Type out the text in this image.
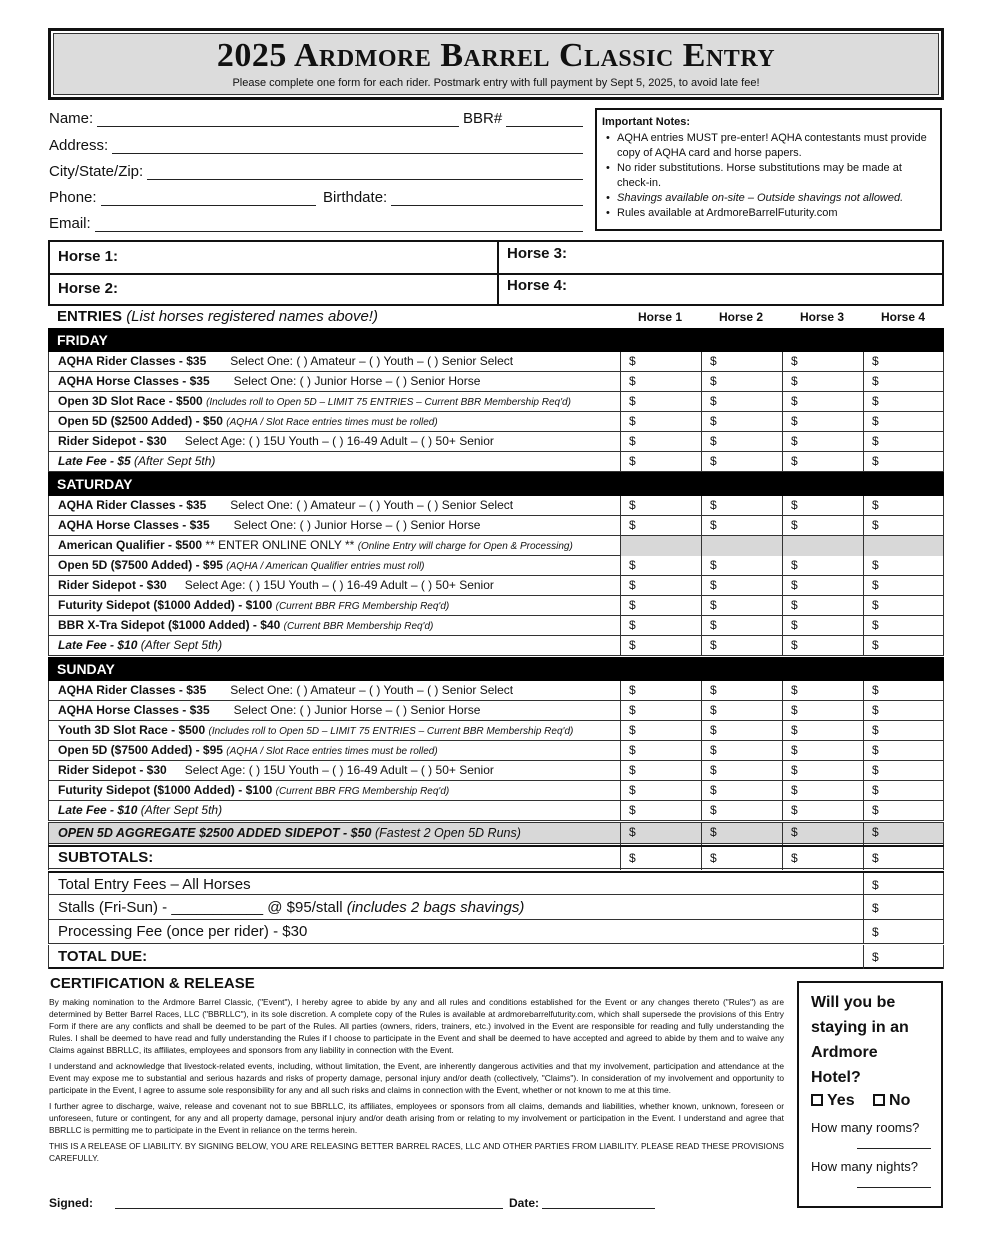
2025 Ardmore Barrel Classic Entry
Please complete one form for each rider. Postmark entry with full payment by Sept 5, 2025, to avoid late fee!
Name:	BBR#
Address:
City/State/Zip:
Phone:	Birthdate:
Email:
Important Notes:
• AQHA entries MUST pre-enter! AQHA contestants must provide copy of AQHA card and horse papers.
• No rider substitutions. Horse substitutions may be made at check-in.
• Shavings available on-site – Outside shavings not allowed.
• Rules available at ArdmoreBarrelFuturity.com
Horse 1:	Horse 3:
Horse 2:	Horse 4:
ENTRIES (List horses registered names above!)	Horse 1	Horse 2	Horse 3	Horse 4
FRIDAY
AQHA Rider Classes - $35 Select One: ( ) Amateur – ( ) Youth – ( ) Senior Select	$	$	$	$
AQHA Horse Classes - $35 Select One: ( ) Junior Horse – ( ) Senior Horse	$	$	$	$
Open 3D Slot Race - $500 (Includes roll to Open 5D – LIMIT 75 ENTRIES – Current BBR Membership Req'd)	$	$	$	$
Open 5D ($2500 Added) - $50 (AQHA / Slot Race entries times must be rolled)	$	$	$	$
Rider Sidepot - $30 Select Age: ( ) 15U Youth – ( ) 16-49 Adult – ( ) 50+ Senior	$	$	$	$
Late Fee - $5 (After Sept 5th)	$	$	$	$
SATURDAY
AQHA Rider Classes - $35 Select One: ( ) Amateur – ( ) Youth – ( ) Senior Select	$	$	$	$
AQHA Horse Classes - $35 Select One: ( ) Junior Horse – ( ) Senior Horse	$	$	$	$
American Qualifier - $500 ** ENTER ONLINE ONLY ** (Online Entry will charge for Open & Processing)
Open 5D ($7500 Added) - $95 (AQHA / American Qualifier entries must roll)	$	$	$	$
Rider Sidepot - $30 Select Age: ( ) 15U Youth – ( ) 16-49 Adult – ( ) 50+ Senior	$	$	$	$
Futurity Sidepot ($1000 Added) - $100 (Current BBR FRG Membership Req'd)	$	$	$	$
BBR X-Tra Sidepot ($1000 Added) - $40 (Current BBR Membership Req'd)	$	$	$	$
Late Fee - $10 (After Sept 5th)	$	$	$	$
SUNDAY
AQHA Rider Classes - $35 Select One: ( ) Amateur – ( ) Youth – ( ) Senior Select	$	$	$	$
AQHA Horse Classes - $35 Select One: ( ) Junior Horse – ( ) Senior Horse	$	$	$	$
Youth 3D Slot Race - $500 (Includes roll to Open 5D – LIMIT 75 ENTRIES – Current BBR Membership Req'd)	$	$	$	$
Open 5D ($7500 Added) - $95 (AQHA / Slot Race entries times must be rolled)	$	$	$	$
Rider Sidepot - $30 Select Age: ( ) 15U Youth – ( ) 16-49 Adult – ( ) 50+ Senior	$	$	$	$
Futurity Sidepot ($1000 Added) - $100 (Current BBR FRG Membership Req'd)	$	$	$	$
Late Fee - $10 (After Sept 5th)	$	$	$	$
OPEN 5D AGGREGATE $2500 ADDED SIDEPOT - $50 (Fastest 2 Open 5D Runs)	$	$	$	$
SUBTOTALS:	$	$	$	$
Total Entry Fees – All Horses	$
Stalls (Fri-Sun) - ___________ @ $95/stall (includes 2 bags shavings)	$
Processing Fee (once per rider) - $30	$
TOTAL DUE:	$
CERTIFICATION & RELEASE

By making nomination to the Ardmore Barrel Classic, ("Event"), I hereby agree to abide by any and all rules and conditions established for the Event or any changes thereto ("Rules") as are determined by Better Barrel Races, LLC ("BBRLLC"), in its sole discretion. A complete copy of the Rules is available at ardmorebarrelfuturity.com, which shall supersede the provisions of this Entry Form if there are any conflicts and shall be deemed to be part of the Rules. All parties (owners, riders, trainers, etc.) involved in the Event are responsible for reading and fully understanding the Rules. I shall be deemed to have read and fully understanding the Rules if I choose to participate in the Event and shall be deemed to have accepted and agreed to abide by them and to waive any Claims against BBRLLC, its affiliates, employees and sponsors from any liability in connection with the Event.

I understand and acknowledge that livestock-related events, including, without limitation, the Event, are inherently dangerous activities and that my involvement, participation and attendance at the Event may expose me to substantial and serious hazards and risks of property damage, personal injury and/or death (collectively, "Claims"). In consideration of my involvement and opportunity to participate in the Event, I agree to assume sole responsibility for any and all such risks and claims in connection with the Event, whether or not known to me at this time.

I further agree to discharge, waive, release and covenant not to sue BBRLLC, its affiliates, employees or sponsors from all claims, demands and liabilities, whether known, unknown, foreseen or unforeseen, future or contingent, for any and all property damage, personal injury and/or death arising from or relating to my involvement or participation in the Event. I understand and agree that BBRLLC is permitting me to participate in the Event in reliance on the terms herein.

THIS IS A RELEASE OF LIABILITY. BY SIGNING BELOW, YOU ARE RELEASING BETTER BARREL RACES, LLC AND OTHER PARTIES FROM LIABILITY. PLEASE READ THESE PROVISIONS CAREFULLY.

Will you be
staying in an
Ardmore
Hotel?
Yes No
How many rooms?
How many nights?
Signed:	Date:
